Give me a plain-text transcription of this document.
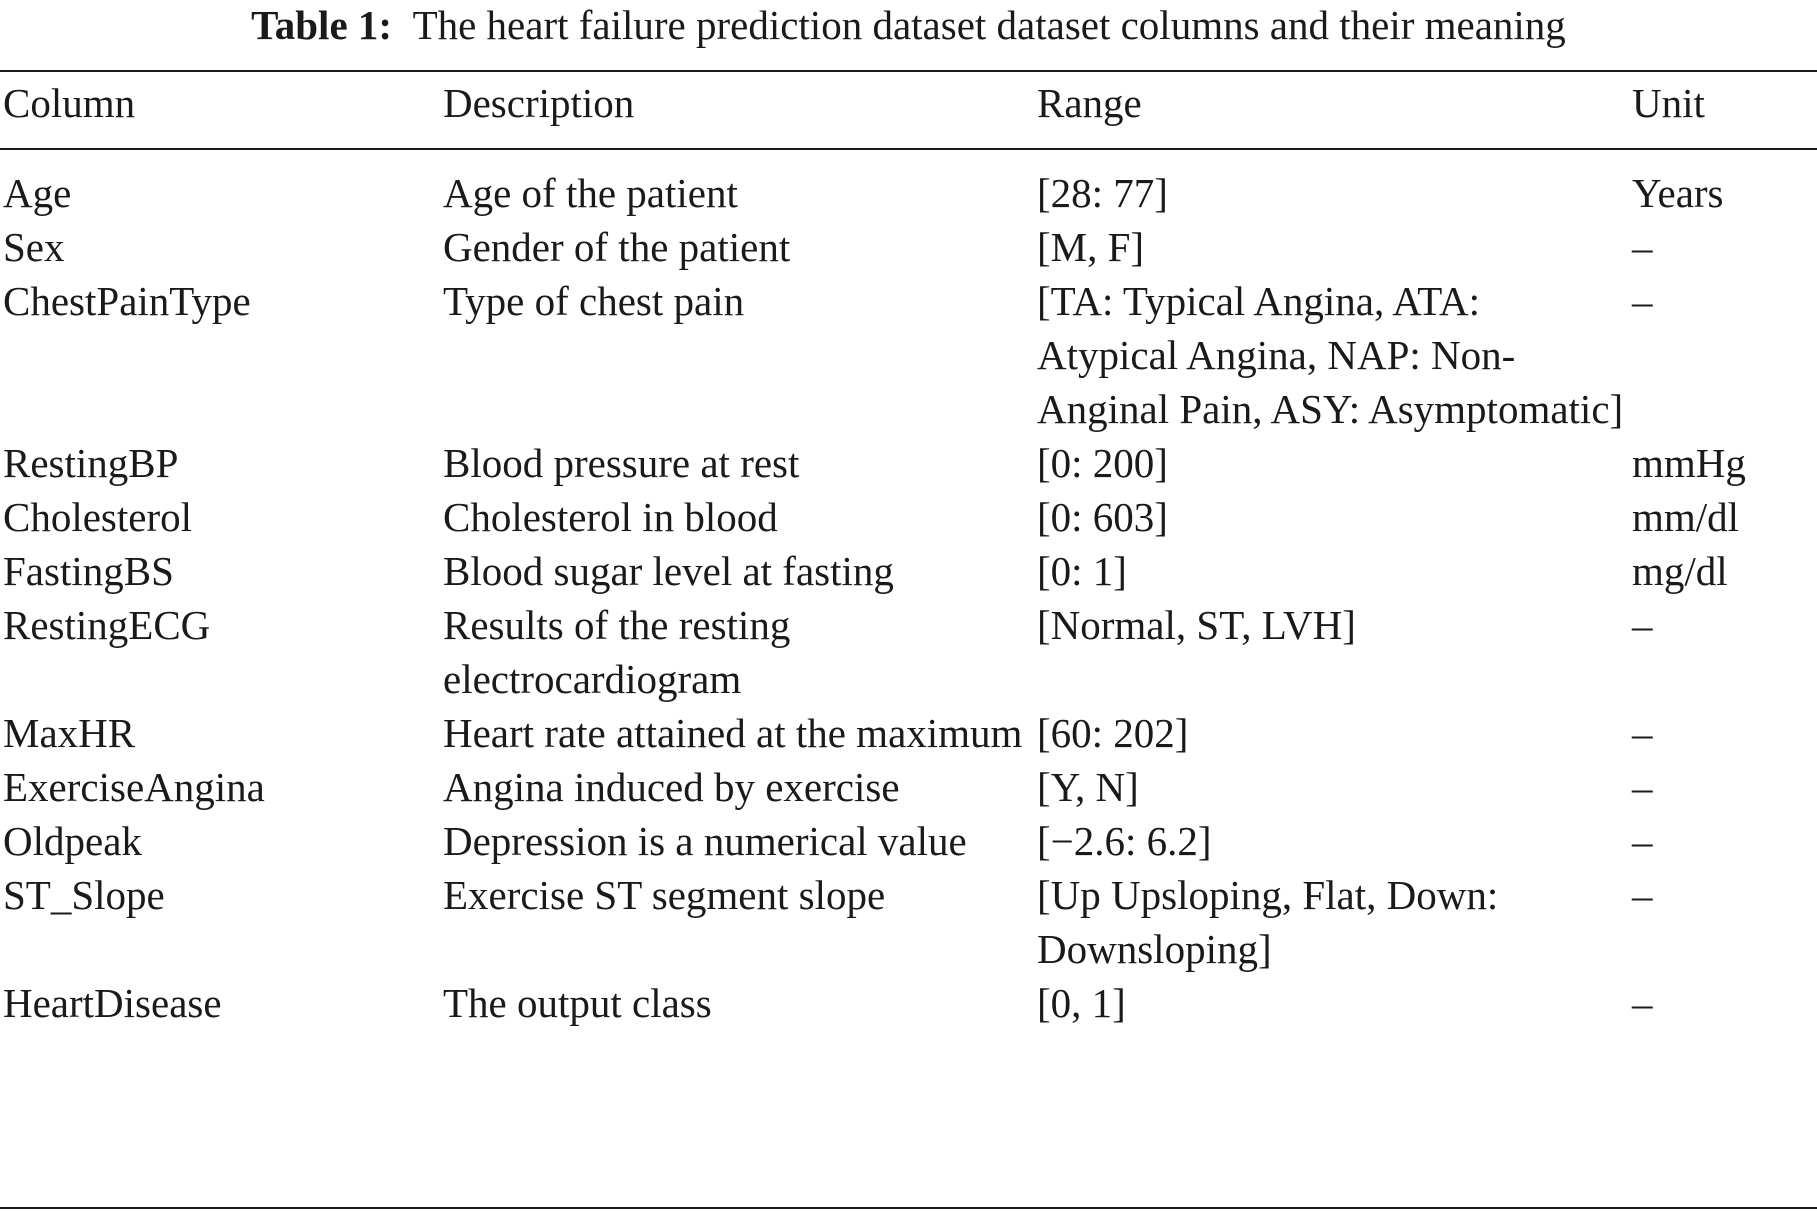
Table 1: The heart failure prediction dataset dataset columns and their meaning
Column	Description	Range	Unit
Age	Age of the patient	[28: 77]	Years
Sex	Gender of the patient	[M, F]	–
ChestPainType	Type of chest pain	[TA: Typical Angina, ATA: Atypical Angina, NAP: Non-Anginal Pain, ASY: Asymptomatic]	–
RestingBP	Blood pressure at rest	[0: 200]	mmHg
Cholesterol	Cholesterol in blood	[0: 603]	mm/dl
FastingBS	Blood sugar level at fasting	[0: 1]	mg/dl
RestingECG	Results of the resting electrocardiogram	[Normal, ST, LVH]	–
MaxHR	Heart rate attained at the maximum	[60: 202]	–
ExerciseAngina	Angina induced by exercise	[Y, N]	–
Oldpeak	Depression is a numerical value	[−2.6: 6.2]	–
ST_Slope	Exercise ST segment slope	[Up Upsloping, Flat, Down: Downsloping]	–
HeartDisease	The output class	[0, 1]	–
